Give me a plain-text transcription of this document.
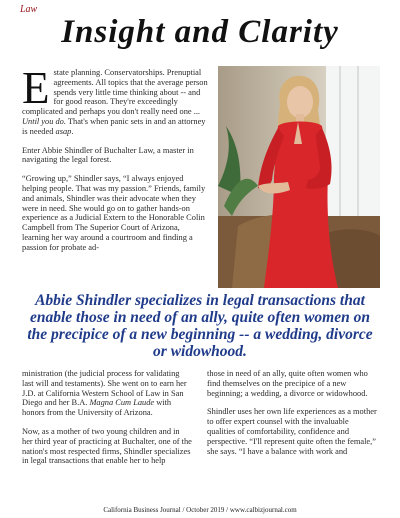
Law
Insight and Clarity

Estate planning. Conservatorships. Prenuptial agreements. All topics that the average person spends very little time thinking about -- and for good reason. They're exceedingly complicated and perhaps you don't really need one ... Until you do. That's when panic sets in and an attorney is needed asap.

Enter Abbie Shindler of Buchalter Law, a master in navigating the legal forest.

“Growing up,” Shindler says, “I always enjoyed helping people. That was my passion.” Friends, family and animals, Shindler was their advocate when they were in need. She would go on to gather hands-on experience as a Judicial Extern to the Honorable Colin Campbell from The Superior Court of Arizona, learning her way around a courtroom and finding a passion for probate ad-

Abbie Shindler specializes in legal transactions that enable those in need of an ally, quite often women on the precipice of a new beginning -- a wedding, divorce or widowhood.

ministration (the judicial process for validating last will and testaments). She went on to earn her J.D. at California Western School of Law in San Diego and her B.A. Magna Cum Laude with honors from the University of Arizona.

Now, as a mother of two young children and in her third year of practicing at Buchalter, one of the nation's most respected firms, Shindler specializes in legal transactions that enable her to help

those in need of an ally, quite often women who find themselves on the precipice of a new beginning; a wedding, a divorce or widowhood.

Shindler uses her own life experiences as a mother to offer expert counsel with the invaluable qualities of comfortability, confidence and perspective. “I'll represent quite often the female,” she says. “I have a balance with work and

California Business Journal / October 2019 / www.calbizjournal.com
